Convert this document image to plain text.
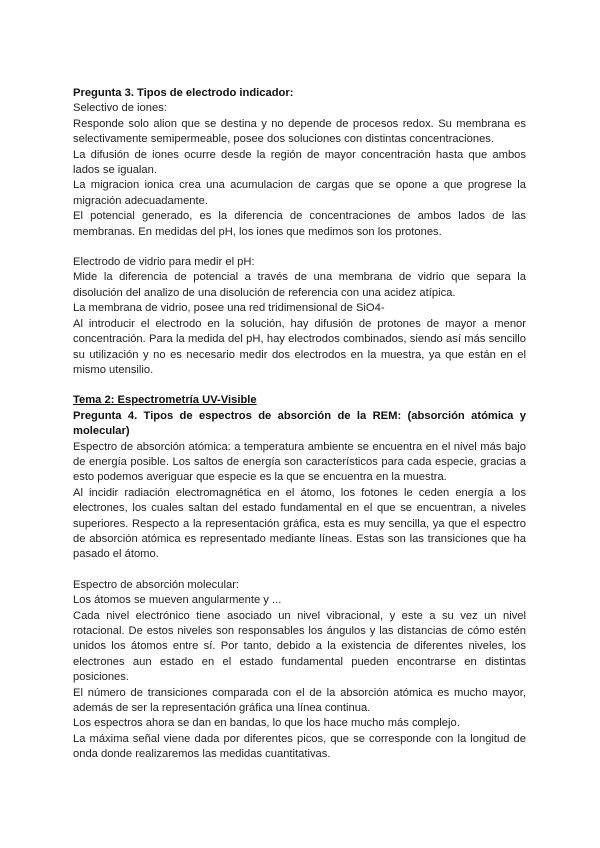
Pregunta 3. Tipos de electrodo indicador:

Selectivo de iones:

Responde solo alion que se destina y no depende de procesos redox. Su membrana es selectivamente semipermeable, posee dos soluciones con distintas concentraciones.

La difusión de iones ocurre desde la región de mayor concentración hasta que ambos lados se igualan.

La migracion ionica crea una acumulacion de cargas que se opone a que progrese la migración adecuadamente.

El potencial generado, es la diferencia de concentraciones de ambos lados de las membranas. En medidas del pH, los iones que medimos son los protones.

Electrodo de vidrio para medir el pH:

Mide la diferencia de potencial a través de una membrana de vidrio que separa la disolución del analizo de una disolución de referencia con una acidez atípica.

La membrana de vidrio, posee una red tridimensional de SiO4-

Al introducir el electrodo en la solución, hay difusión de protones de mayor a menor concentración. Para la medida del pH, hay electrodos combinados, siendo así más sencillo su utilización y no es necesario medir dos electrodos en la muestra, ya que están en el mismo utensilio.

Tema 2: Espectrometría UV-Visible

Pregunta 4. Tipos de espectros de absorción de la REM: (absorción atómica y molecular)

Espectro de absorción atómica: a temperatura ambiente se encuentra en el nivel más bajo de energía posible. Los saltos de energía son característicos para cada especie, gracias a esto podemos averiguar que especie es la que se encuentra en la muestra.

Al incidir radiación electromagnética en el átomo, los fotones le ceden energía a los electrones, los cuales saltan del estado fundamental en el que se encuentran, a niveles superiores. Respecto a la representación gráfica, esta es muy sencilla, ya que el espectro de absorción atómica es representado mediante líneas. Estas son las transiciones que ha pasado el átomo.

Espectro de absorción molecular:

Los átomos se mueven angularmente y ...

Cada nivel electrónico tiene asociado un nivel vibracional, y este a su vez un nivel rotacional. De estos niveles son responsables los ángulos y las distancias de cómo estén unidos los átomos entre sí. Por tanto, debido a la existencia de diferentes niveles, los electrones aun estado en el estado fundamental pueden encontrarse en distintas posiciones.

El número de transiciones comparada con el de la absorción atómica es mucho mayor, además de ser la representación gráfica una línea continua.

Los espectros ahora se dan en bandas, lo que los hace mucho más complejo.

La máxima señal viene dada por diferentes picos, que se corresponde con la longitud de onda donde realizaremos las medidas cuantitativas.
